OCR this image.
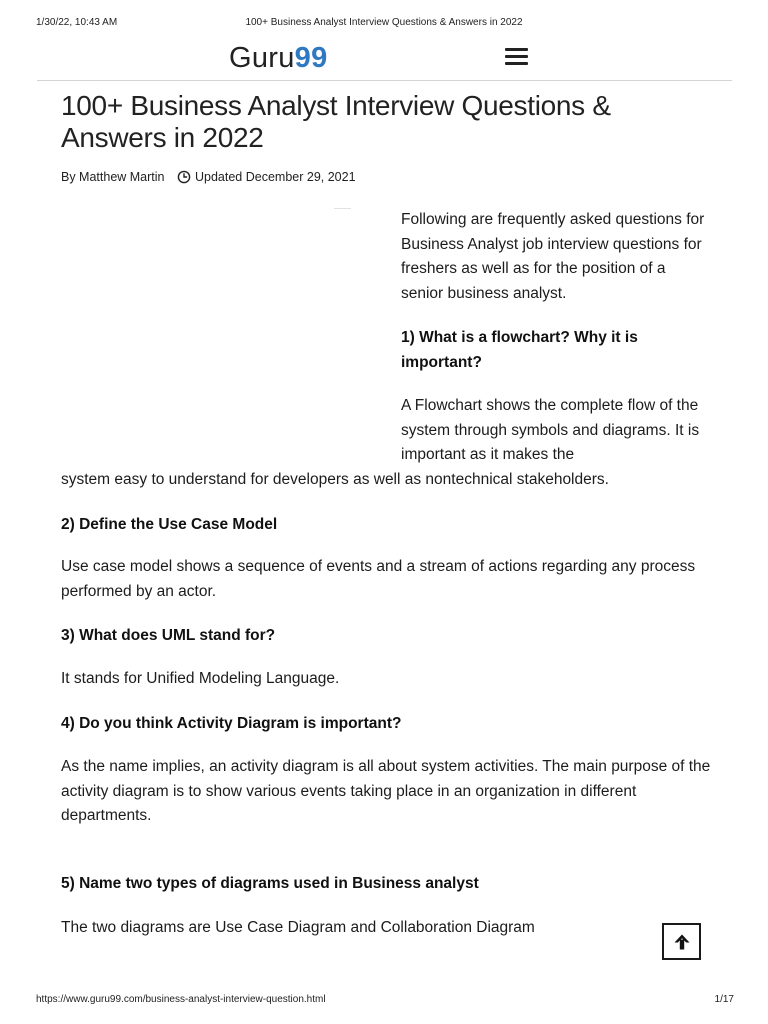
1/30/22, 10:43 AM	100+ Business Analyst Interview Questions & Answers in 2022
Guru99
100+ Business Analyst Interview Questions & Answers in 2022
By Matthew Martin Updated December 29, 2021

Following are frequently asked questions for Business Analyst job interview questions for freshers as well as for the position of a senior business analyst.

1) What is a flowchart? Why it is important?

A Flowchart shows the complete flow of the system through symbols and diagrams. It is important as it makes the
system easy to understand for developers as well as nontechnical stakeholders.

2) Define the Use Case Model

Use case model shows a sequence of events and a stream of actions regarding any process performed by an actor.

3) What does UML stand for?

It stands for Unified Modeling Language.

4) Do you think Activity Diagram is important?

As the name implies, an activity diagram is all about system activities. The main purpose of the activity diagram is to show various events taking place in an organization in different departments.

5) Name two types of diagrams used in Business analyst

The two diagrams are Use Case Diagram and Collaboration Diagram

https://www.guru99.com/business-analyst-interview-question.html	1/17
